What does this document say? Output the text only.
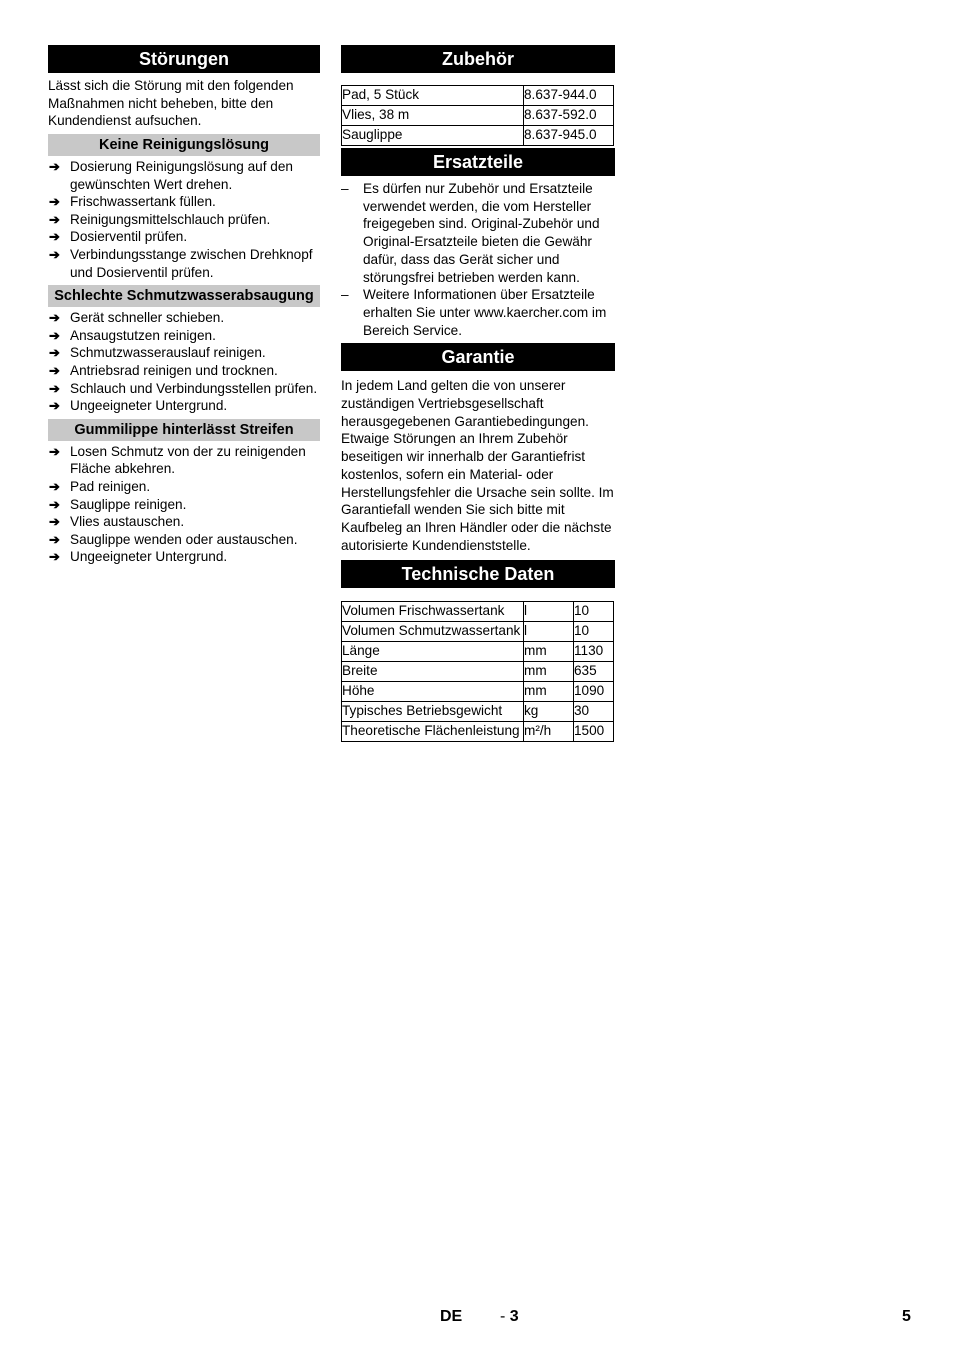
Störungen

Lässt sich die Störung mit den folgenden Maßnahmen nicht beheben, bitte den Kundendienst aufsuchen.

Keine Reinigungslösung
➔ Dosierung Reinigungslösung auf den gewünschten Wert drehen.
➔ Frischwassertank füllen.
➔ Reinigungsmittelschlauch prüfen.
➔ Dosierventil prüfen.
➔ Verbindungsstange zwischen Drehknopf und Dosierventil prüfen.
Schlechte Schmutzwasserabsaugung
➔ Gerät schneller schieben.
➔ Ansaugstutzen reinigen.
➔ Schmutzwasserauslauf reinigen.
➔ Antriebsrad reinigen und trocknen.
➔ Schlauch und Verbindungsstellen prüfen.
➔ Ungeeigneter Untergrund.
Gummilippe hinterlässt Streifen
➔ Losen Schmutz von der zu reinigenden Fläche abkehren.
➔ Pad reinigen.
➔ Sauglippe reinigen.
➔ Vlies austauschen.
➔ Sauglippe wenden oder austauschen.
➔ Ungeeigneter Untergrund.
Zubehör
Pad, 5 Stück	8.637-944.0
Vlies, 38 m	8.637-592.0
Sauglippe	8.637-945.0
Ersatzteile
– Es dürfen nur Zubehör und Ersatzteile verwendet werden, die vom Hersteller freigegeben sind. Original-Zubehör und Original-Ersatzteile bieten die Gewähr dafür, dass das Gerät sicher und störungsfrei betrieben werden kann.
– Weitere Informationen über Ersatzteile erhalten Sie unter www.kaercher.com im Bereich Service.
Garantie

In jedem Land gelten die von unserer zuständigen Vertriebsgesellschaft herausgegebenen Garantiebedingungen. Etwaige Störungen an Ihrem Zubehör beseitigen wir innerhalb der Garantiefrist kostenlos, sofern ein Material- oder Herstellungsfehler die Ursache sein sollte. Im Garantiefall wenden Sie sich bitte mit Kaufbeleg an Ihren Händler oder die nächste autorisierte Kundendienststelle.

Technische Daten
Volumen Frischwassertank	l	10
Volumen Schmutzwassertank	l	10
Länge	mm	1130
Breite	mm	635
Höhe	mm	1090
Typisches Betriebsgewicht	kg	30
Theoretische Flächenleistung	m²/h	1500
DE - 3	5
